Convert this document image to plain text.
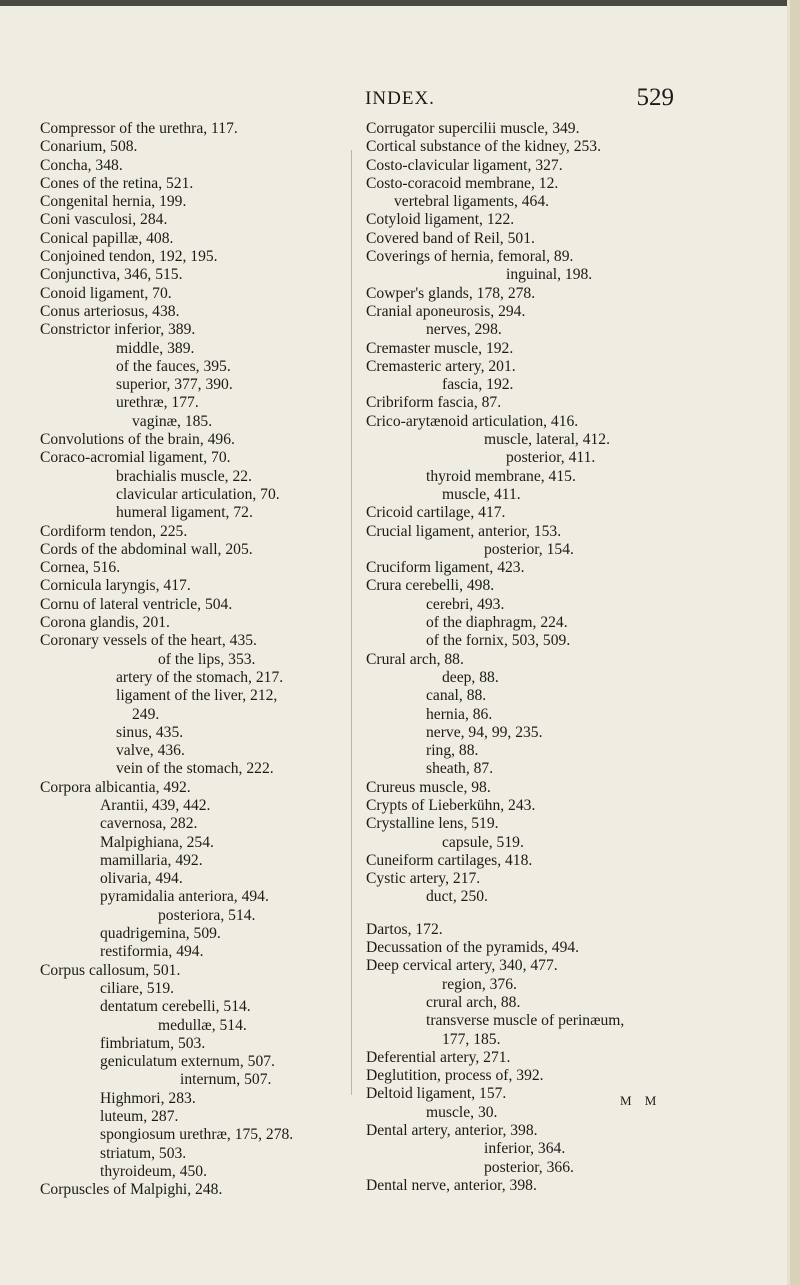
INDEX.	529
Compressor of the urethra, 117.
Conarium, 508.
Concha, 348.
Cones of the retina, 521.
Congenital hernia, 199.
Coni vasculosi, 284.
Conical papillæ, 408.
Conjoined tendon, 192, 195.
Conjunctiva, 346, 515.
Conoid ligament, 70.
Conus arteriosus, 438.
Constrictor inferior, 389.
middle, 389.
of the fauces, 395.
superior, 377, 390.
urethræ, 177.
vaginæ, 185.
Convolutions of the brain, 496.
Coraco-acromial ligament, 70.
brachialis muscle, 22.
clavicular articulation, 70.
humeral ligament, 72.
Cordiform tendon, 225.
Cords of the abdominal wall, 205.
Cornea, 516.
Cornicula laryngis, 417.
Cornu of lateral ventricle, 504.
Corona glandis, 201.
Coronary vessels of the heart, 435.
of the lips, 353.
artery of the stomach, 217.
ligament of the liver, 212,
249.
sinus, 435.
valve, 436.
vein of the stomach, 222.
Corpora albicantia, 492.
Arantii, 439, 442.
cavernosa, 282.
Malpighiana, 254.
mamillaria, 492.
olivaria, 494.
pyramidalia anteriora, 494.
posteriora, 514.
quadrigemina, 509.
restiformia, 494.
Corpus callosum, 501.
ciliare, 519.
dentatum cerebelli, 514.
medullæ, 514.
fimbriatum, 503.
geniculatum externum, 507.
internum, 507.
Highmori, 283.
luteum, 287.
spongiosum urethræ, 175, 278.
striatum, 503.
thyroideum, 450.
Corpuscles of Malpighi, 248.
Corrugator supercilii muscle, 349.
Cortical substance of the kidney, 253.
Costo-clavicular ligament, 327.
Costo-coracoid membrane, 12.
vertebral ligaments, 464.
Cotyloid ligament, 122.
Covered band of Reil, 501.
Coverings of hernia, femoral, 89.
inguinal, 198.
Cowper's glands, 178, 278.
Cranial aponeurosis, 294.
nerves, 298.
Cremaster muscle, 192.
Cremasteric artery, 201.
fascia, 192.
Cribriform fascia, 87.
Crico-arytænoid articulation, 416.
muscle, lateral, 412.
posterior, 411.
thyroid membrane, 415.
muscle, 411.
Cricoid cartilage, 417.
Crucial ligament, anterior, 153.
posterior, 154.
Cruciform ligament, 423.
Crura cerebelli, 498.
cerebri, 493.
of the diaphragm, 224.
of the fornix, 503, 509.
Crural arch, 88.
deep, 88.
canal, 88.
hernia, 86.
nerve, 94, 99, 235.
ring, 88.
sheath, 87.
Crureus muscle, 98.
Crypts of Lieberkühn, 243.
Crystalline lens, 519.
capsule, 519.
Cuneiform cartilages, 418.
Cystic artery, 217.
duct, 250.
Dartos, 172.
Decussation of the pyramids, 494.
Deep cervical artery, 340, 477.
region, 376.
crural arch, 88.
transverse muscle of perinæum,
177, 185.
Deferential artery, 271.
Deglutition, process of, 392.
Deltoid ligament, 157.
muscle, 30.
Dental artery, anterior, 398.
inferior, 364.
posterior, 366.
Dental nerve, anterior, 398.
M M
